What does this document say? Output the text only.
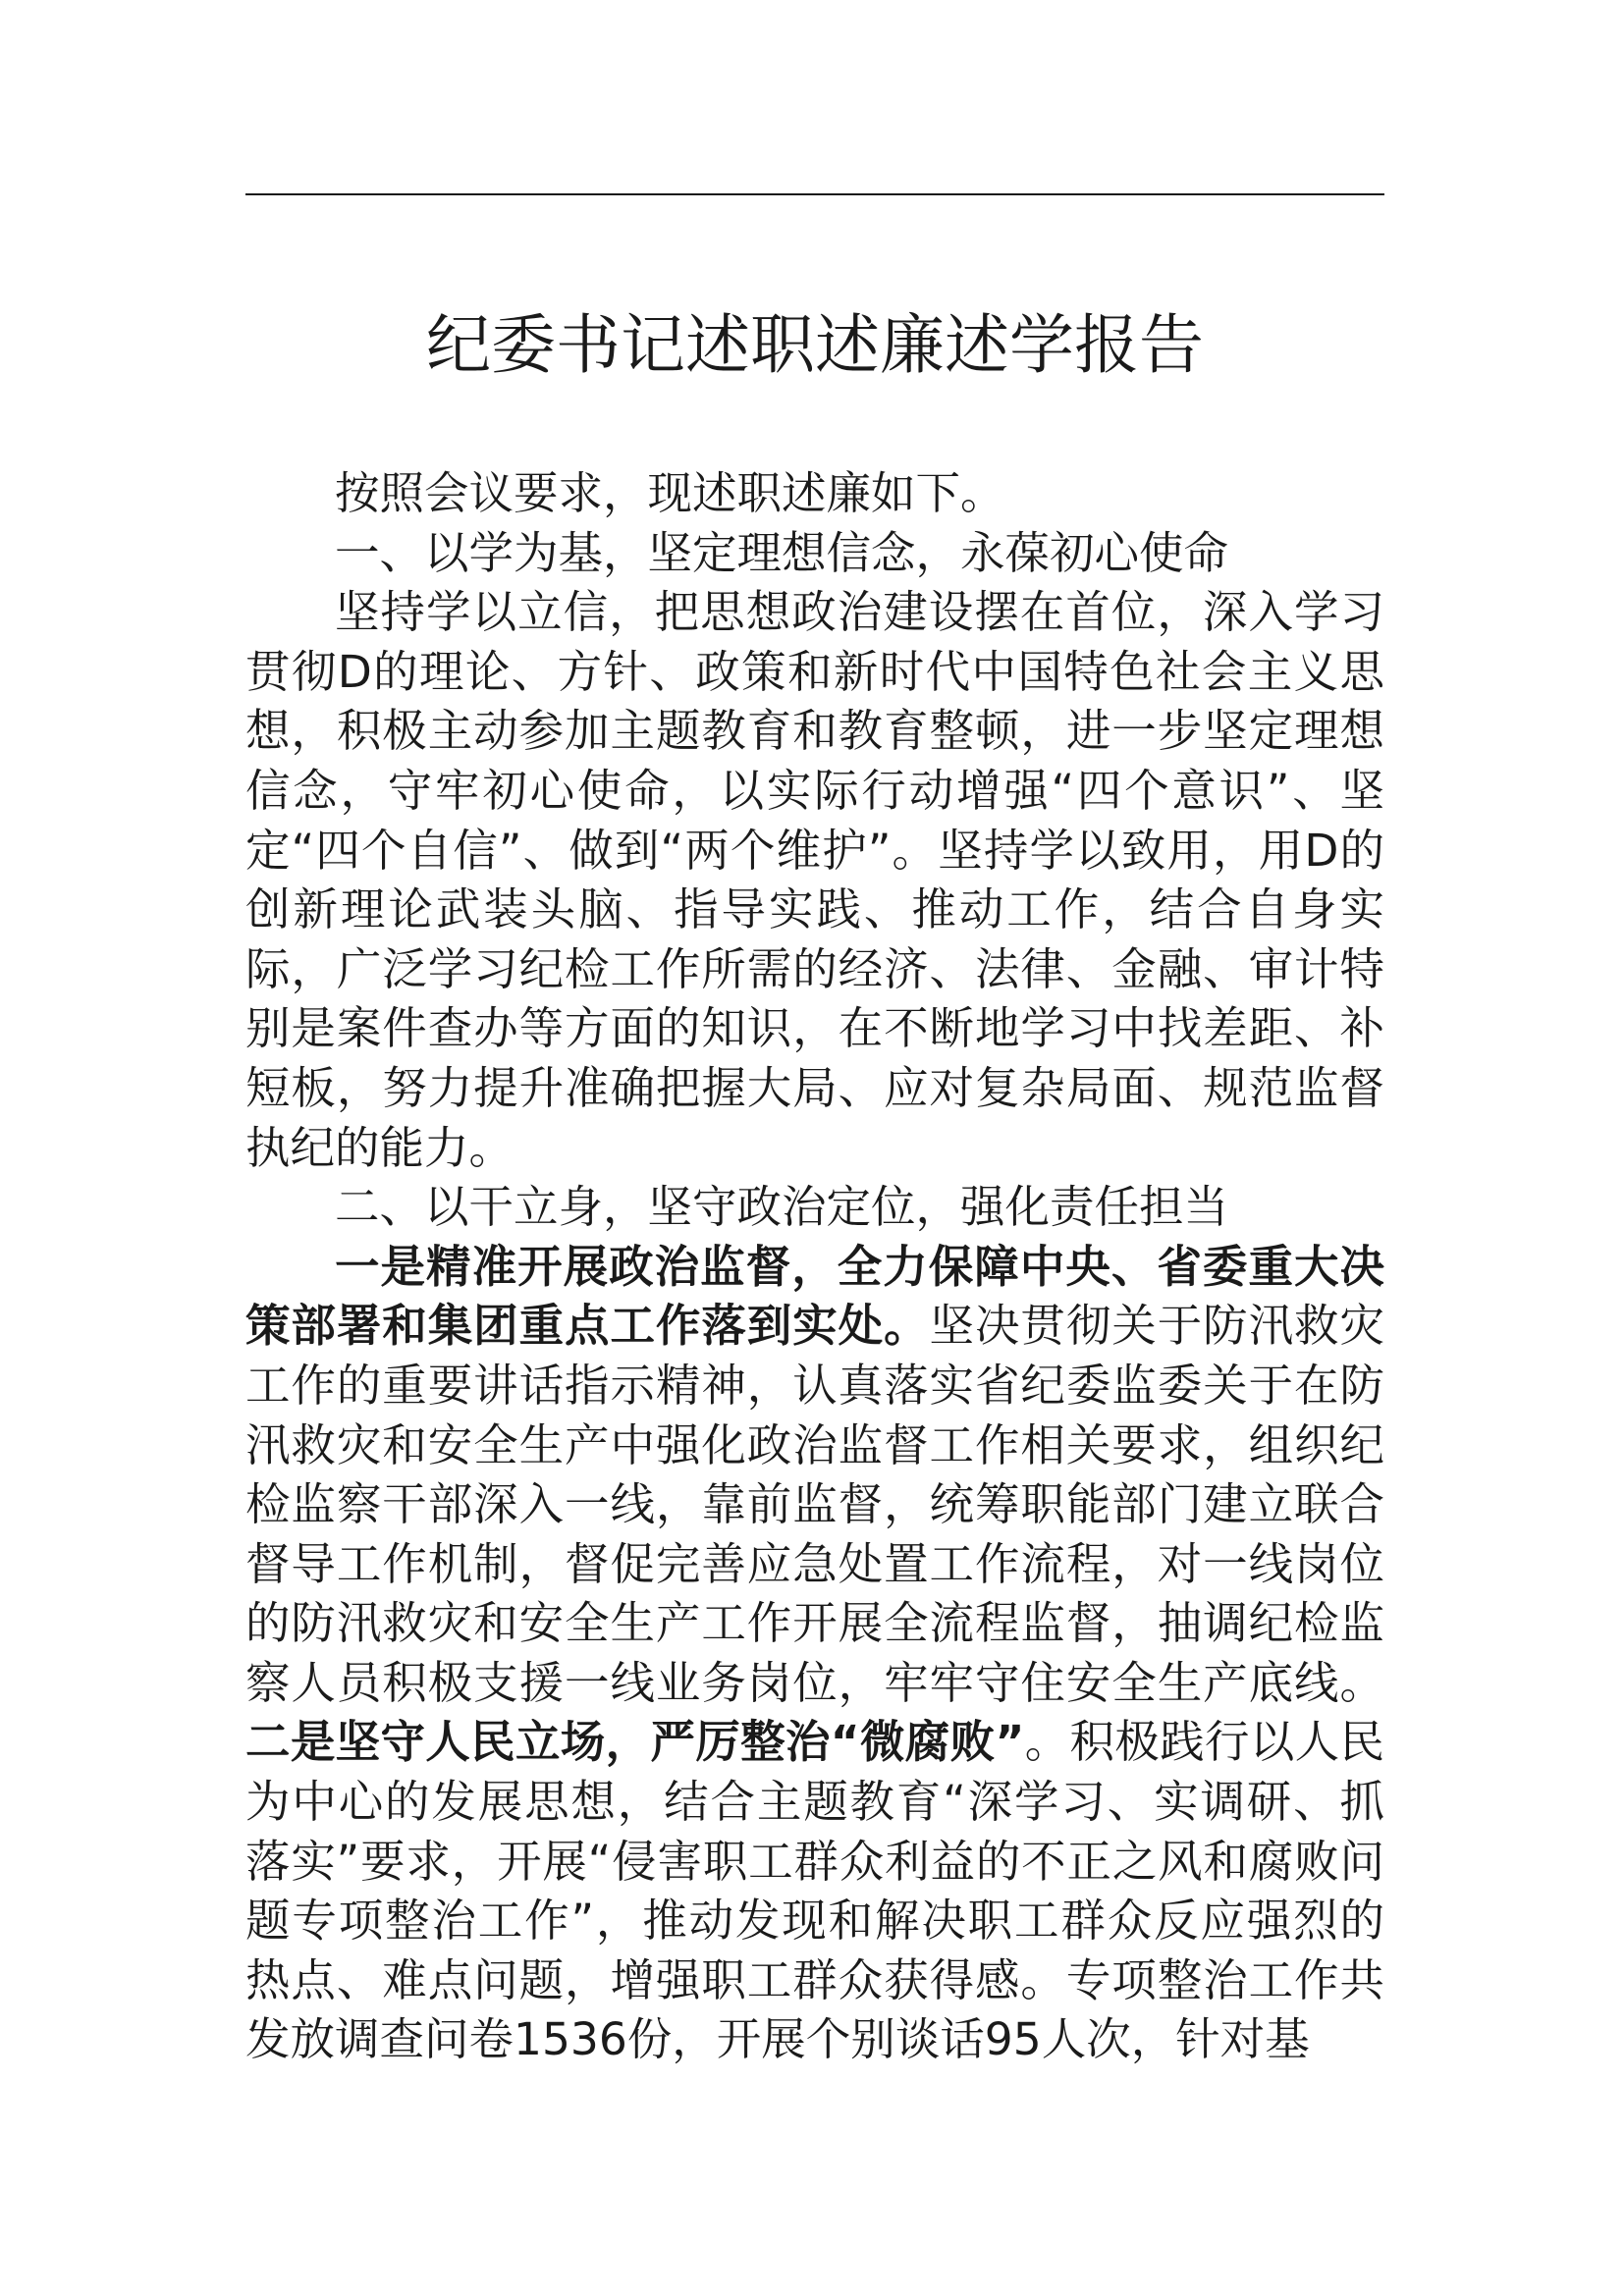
纪委书记述职述廉述学报告

按照会议要求，现述职述廉如下。

一、以学为基，坚定理想信念，永葆初心使命

坚持学以立信，把思想政治建设摆在首位，深入学习贯彻D的理论、方针、政策和新时代中国特色社会主义思想，积极主动参加主题教育和教育整顿，进一步坚定理想信念，守牢初心使命，以实际行动增强“四个意识”、坚定“四个自信”、做到“两个维护”。坚持学以致用，用D的创新理论武装头脑、指导实践、推动工作，结合自身实际，广泛学习纪检工作所需的经济、法律、金融、审计特别是案件查办等方面的知识，在不断地学习中找差距、补短板，努力提升准确把握大局、应对复杂局面、规范监督执纪的能力。

二、以干立身，坚守政治定位，强化责任担当

一是精准开展政治监督，全力保障中央、省委重大决策部署和集团重点工作落到实处。坚决贯彻关于防汛救灾工作的重要讲话指示精神，认真落实省纪委监委关于在防汛救灾和安全生产中强化政治监督工作相关要求，组织纪检监察干部深入一线，靠前监督，统筹职能部门建立联合督导工作机制，督促完善应急处置工作流程，对一线岗位的防汛救灾和安全生产工作开展全流程监督，抽调纪检监察人员积极支援一线业务岗位，牢牢守住安全生产底线。二是坚守人民立场，严厉整治“微腐败”。积极践行以人民为中心的发展思想，结合主题教育“深学习、实调研、抓落实”要求，开展“侵害职工群众利益的不正之风和腐败问题专项整治工作”，推动发现和解决职工群众反应强烈的热点、难点问题，增强职工群众获得感。专项整治工作共发放调查问卷1536份，开展个别谈话95人次，针对基
